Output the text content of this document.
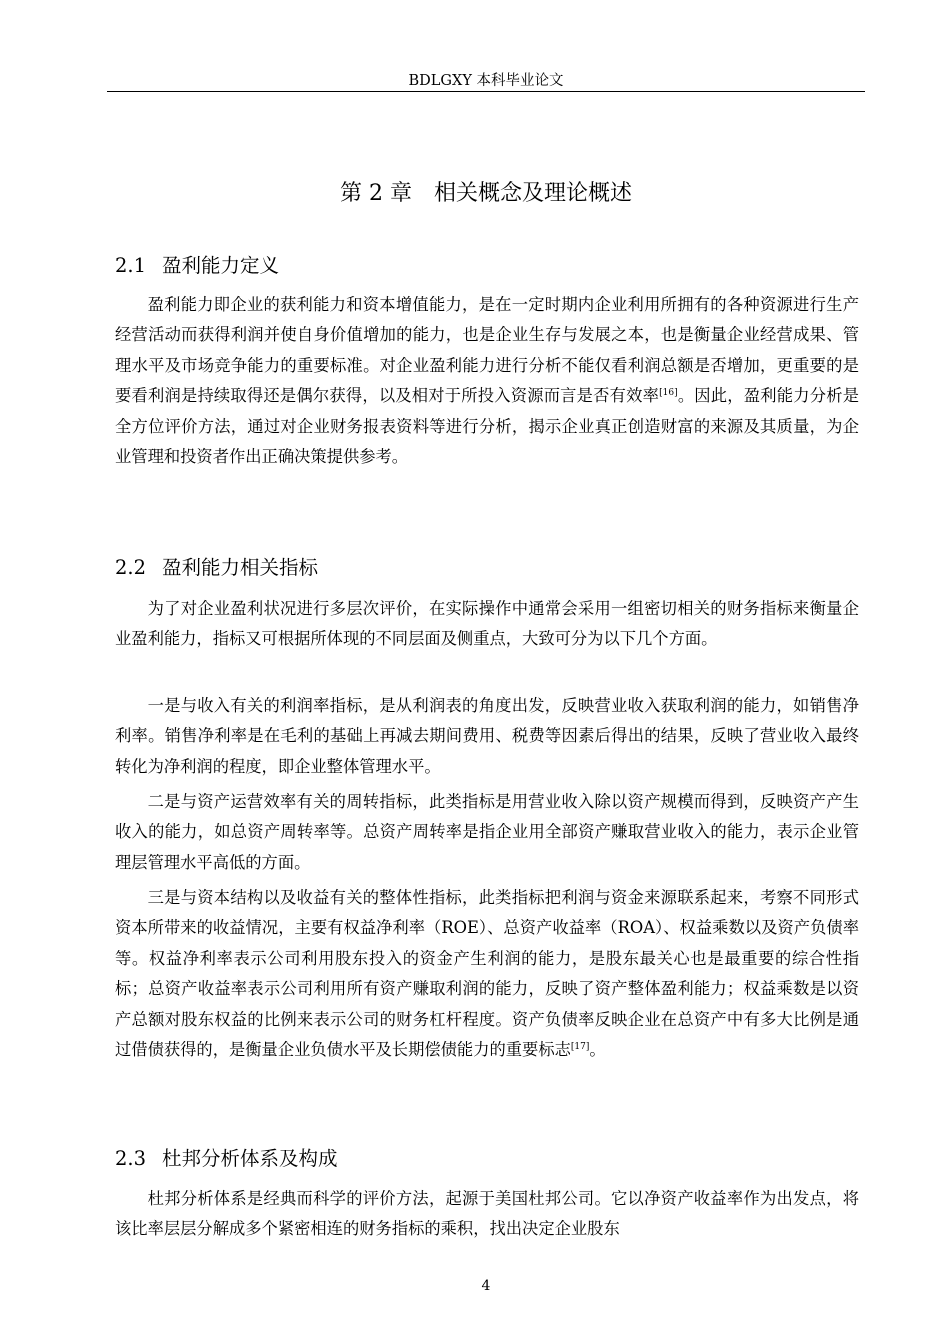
BDLGXY 本科毕业论文
第 2 章 相关概念及理论概述
2.1 盈利能力定义

盈利能力即企业的获利能力和资本增值能力，是在一定时期内企业利用所拥有的各种资源进行生产经营活动而获得利润并使自身价值增加的能力，也是企业生存与发展之本，也是衡量企业经营成果、管理水平及市场竞争能力的重要标准。对企业盈利能力进行分析不能仅看利润总额是否增加，更重要的是要看利润是持续取得还是偶尔获得，以及相对于所投入资源而言是否有效率[16]。因此，盈利能力分析是全方位评价方法，通过对企业财务报表资料等进行分析，揭示企业真正创造财富的来源及其质量，为企业管理和投资者作出正确决策提供参考。

2.2 盈利能力相关指标

为了对企业盈利状况进行多层次评价，在实际操作中通常会采用一组密切相关的财务指标来衡量企业盈利能力，指标又可根据所体现的不同层面及侧重点，大致可分为以下几个方面。

一是与收入有关的利润率指标，是从利润表的角度出发，反映营业收入获取利润的能力，如销售净利率。销售净利率是在毛利的基础上再减去期间费用、税费等因素后得出的结果，反映了营业收入最终转化为净利润的程度，即企业整体管理水平。

二是与资产运营效率有关的周转指标，此类指标是用营业收入除以资产规模而得到，反映资产产生收入的能力，如总资产周转率等。总资产周转率是指企业用全部资产赚取营业收入的能力，表示企业管理层管理水平高低的方面。

三是与资本结构以及收益有关的整体性指标，此类指标把利润与资金来源联系起来，考察不同形式资本所带来的收益情况，主要有权益净利率（ROE）、总资产收益率（ROA）、权益乘数以及资产负债率等。权益净利率表示公司利用股东投入的资金产生利润的能力，是股东最关心也是最重要的综合性指标；总资产收益率表示公司利用所有资产赚取利润的能力，反映了资产整体盈利能力；权益乘数是以资产总额对股东权益的比例来表示公司的财务杠杆程度。资产负债率反映企业在总资产中有多大比例是通过借债获得的，是衡量企业负债水平及长期偿债能力的重要标志[17]。

2.3 杜邦分析体系及构成

杜邦分析体系是经典而科学的评价方法，起源于美国杜邦公司。它以净资产收益率作为出发点，将该比率层层分解成多个紧密相连的财务指标的乘积，找出决定企业股东

4
